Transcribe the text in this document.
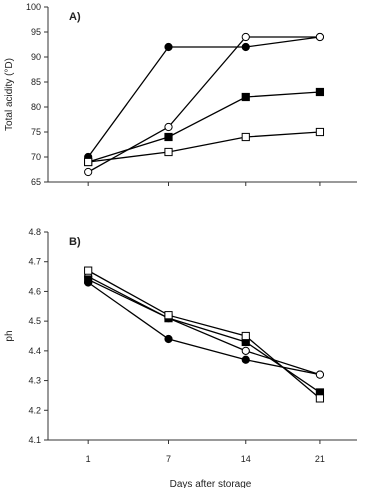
65
70
75
80
85
90
95
100
A)
Total acidity (°D)
4.1
4.2
4.3
4.4
4.5
4.6
4.7
4.8
1	7	14	21
B)
ph
Days after storage
